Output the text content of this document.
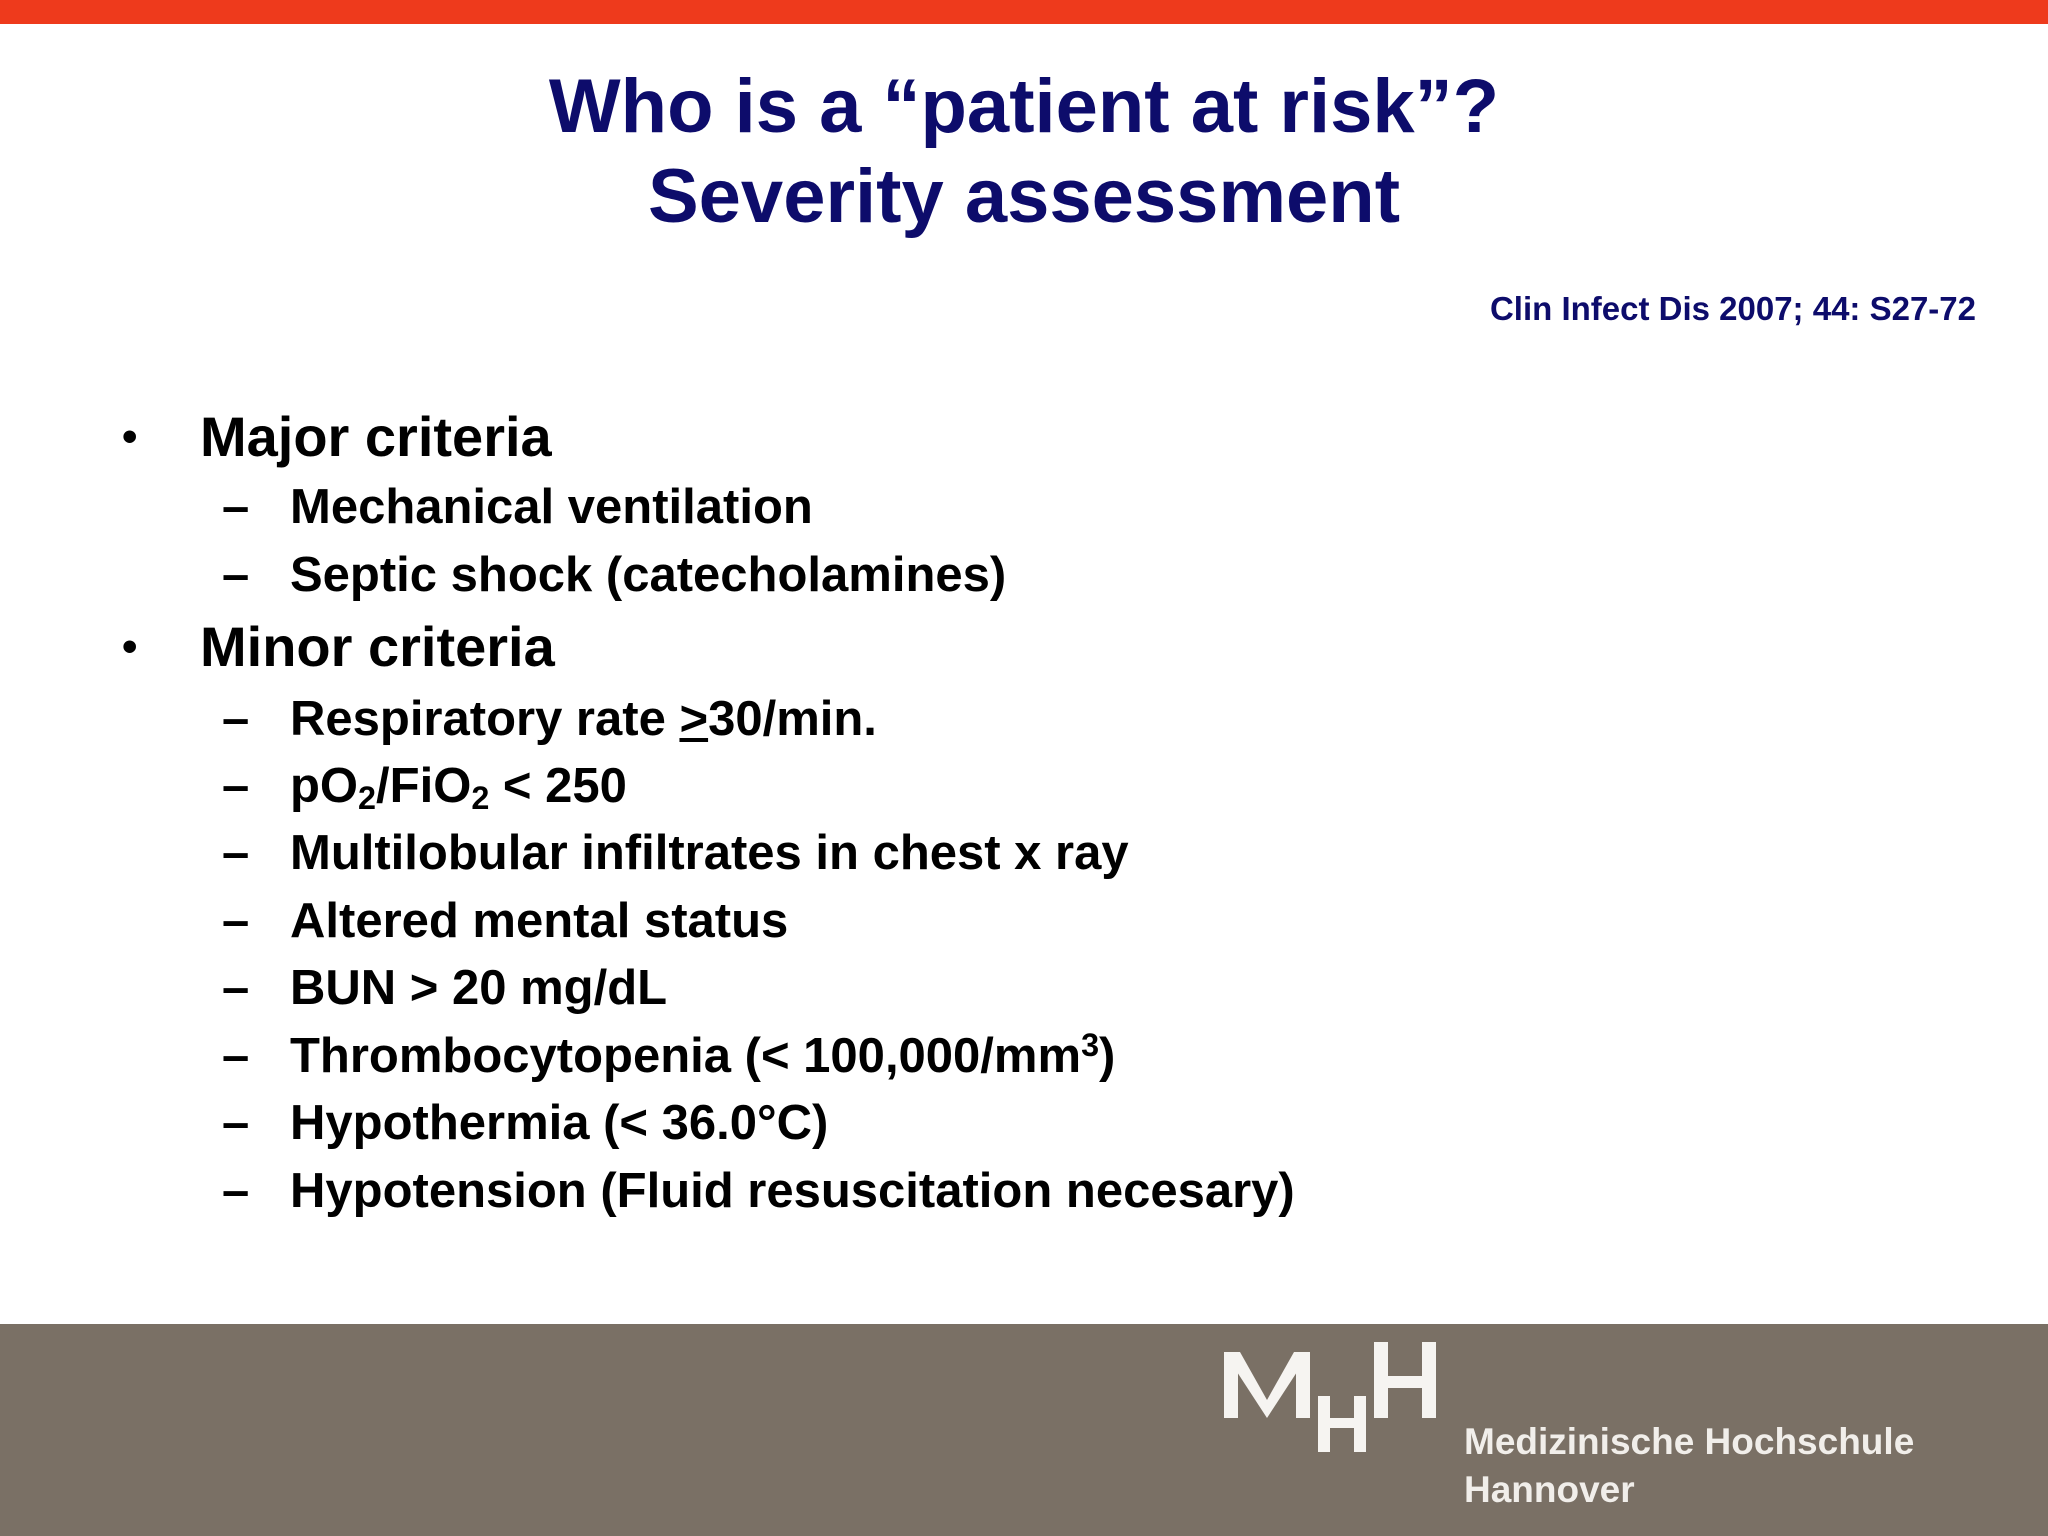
Who is a “patient at risk”?
Severity assessment
Clin Infect Dis 2007; 44: S27-72
• Major criteria
– Mechanical ventilation
– Septic shock (catecholamines)
• Minor criteria
– Respiratory rate >30/min.
– $pO_2/FiO_2 < 250$
– Multilobular infiltrates in chest x ray
– Altered mental status
– BUN > 20 mg/dL
– Thrombocytopenia (< $100,000/mm^3$)
– Hypothermia (< 36.0°C)
– Hypotension (Fluid resuscitation necesary)
Medizinische Hochschule
Hannover
